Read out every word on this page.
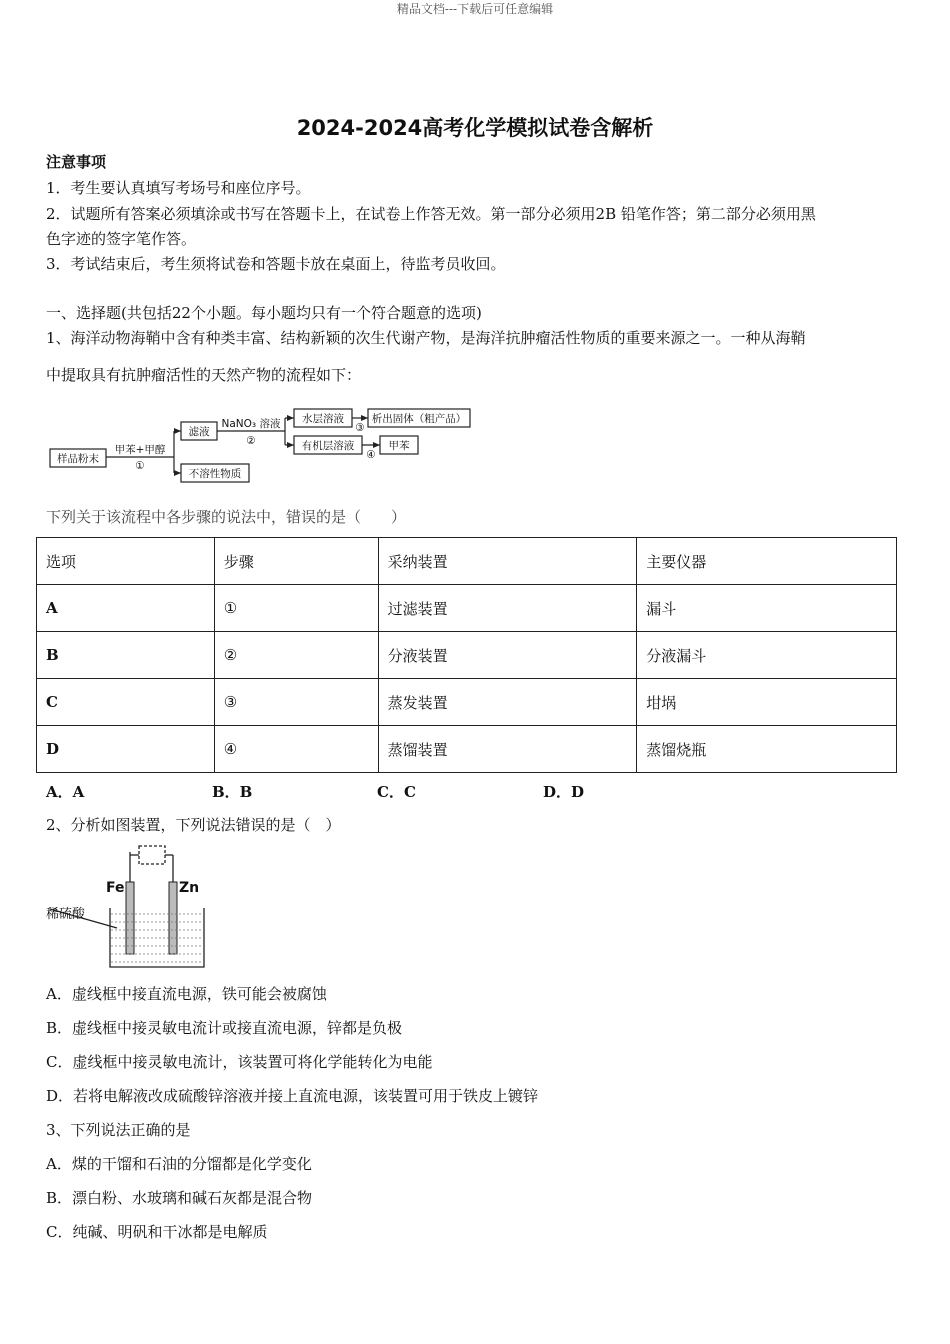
精品文档---下载后可任意编辑
2024-2024高考化学模拟试卷含解析
注意事项
1．考生要认真填写考场号和座位序号。
2．试题所有答案必须填涂或书写在答题卡上，在试卷上作答无效。第一部分必须用2B 铅笔作答；第二部分必须用黑
色字迹的签字笔作答。
3．考试结束后，考生须将试卷和答题卡放在桌面上，待监考员收回。
一、选择题(共包括22个小题。每小题均只有一个符合题意的选项)
1、海洋动物海鞘中含有种类丰富、结构新颖的次生代谢产物，是海洋抗肿瘤活性物质的重要来源之一。一种从海鞘
中提取具有抗肿瘤活性的天然产物的流程如下：
样品粉末
甲苯+甲醇
①
滤液
不溶性物质
NaNO₃ 溶液
②
水层溶液
有机层溶液
③
④
析出固体（粗产品）
甲苯
下列关于该流程中各步骤的说法中，错误的是（　　）
选项	步骤	采纳装置	主要仪器
A	①	过滤装置	漏斗
B	②	分液装置	分液漏斗
C	③	蒸发装置	坩埚
D	④	蒸馏装置	蒸馏烧瓶
A．A	B．B	C．C	D．D
2、分析如图装置，下列说法错误的是（　）
Fe	Zn
稀硫酸
A．虚线框中接直流电源，铁可能会被腐蚀
B．虚线框中接灵敏电流计或接直流电源，锌都是负极
C．虚线框中接灵敏电流计，该装置可将化学能转化为电能
D．若将电解液改成硫酸锌溶液并接上直流电源，该装置可用于铁皮上镀锌
3、下列说法正确的是
A．煤的干馏和石油的分馏都是化学变化
B．漂白粉、水玻璃和碱石灰都是混合物
C．纯碱、明矾和干冰都是电解质
